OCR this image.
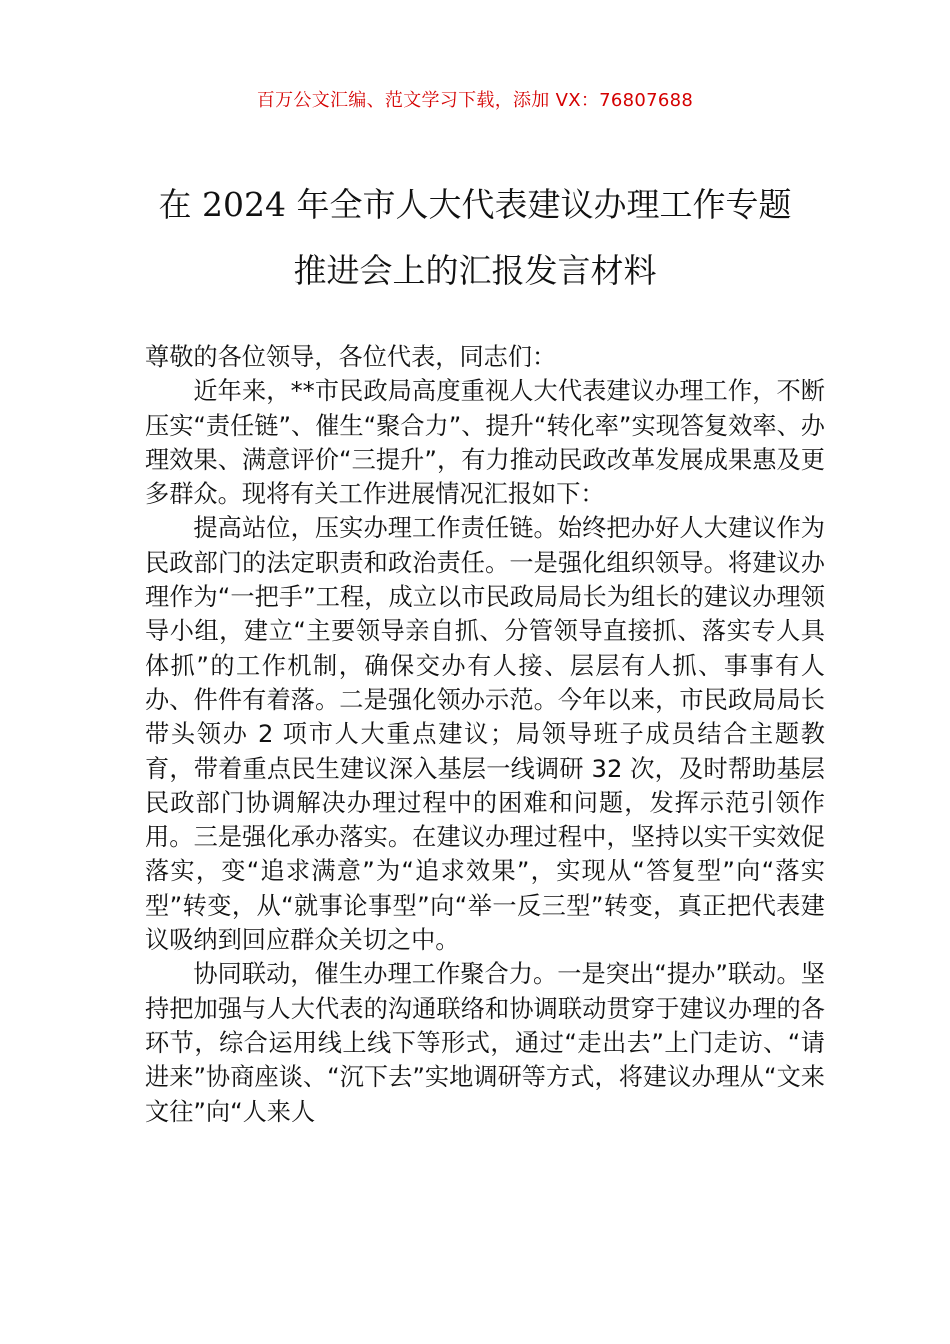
百万公文汇编、范文学习下载，添加 VX：76807688
在 2024 年全市人大代表建议办理工作专题
推进会上的汇报发言材料

尊敬的各位领导，各位代表，同志们：

近年来，**市民政局高度重视人大代表建议办理工作，不断压实“责任链”、催生“聚合力”、提升“转化率”实现答复效率、办理效果、满意评价“三提升”，有力推动民政改革发展成果惠及更多群众。现将有关工作进展情况汇报如下：

提高站位，压实办理工作责任链。始终把办好人大建议作为民政部门的法定职责和政治责任。一是强化组织领导。将建议办理作为“一把手”工程，成立以市民政局局长为组长的建议办理领导小组，建立“主要领导亲自抓、分管领导直接抓、落实专人具体抓”的工作机制，确保交办有人接、层层有人抓、事事有人办、件件有着落。二是强化领办示范。今年以来，市民政局局长带头领办 2 项市人大重点建议；局领导班子成员结合主题教育，带着重点民生建议深入基层一线调研 32 次，及时帮助基层民政部门协调解决办理过程中的困难和问题，发挥示范引领作用。三是强化承办落实。在建议办理过程中，坚持以实干实效促落实，变“追求满意”为“追求效果”，实现从“答复型”向“落实型”转变，从“就事论事型”向“举一反三型”转变，真正把代表建议吸纳到回应群众关切之中。

协同联动，催生办理工作聚合力。一是突出“提办”联动。坚持把加强与人大代表的沟通联络和协调联动贯穿于建议办理的各环节，综合运用线上线下等形式，通过“走出去”上门走访、“请进来”协商座谈、“沉下去”实地调研等方式，将建议办理从“文来文往”向“人来人
